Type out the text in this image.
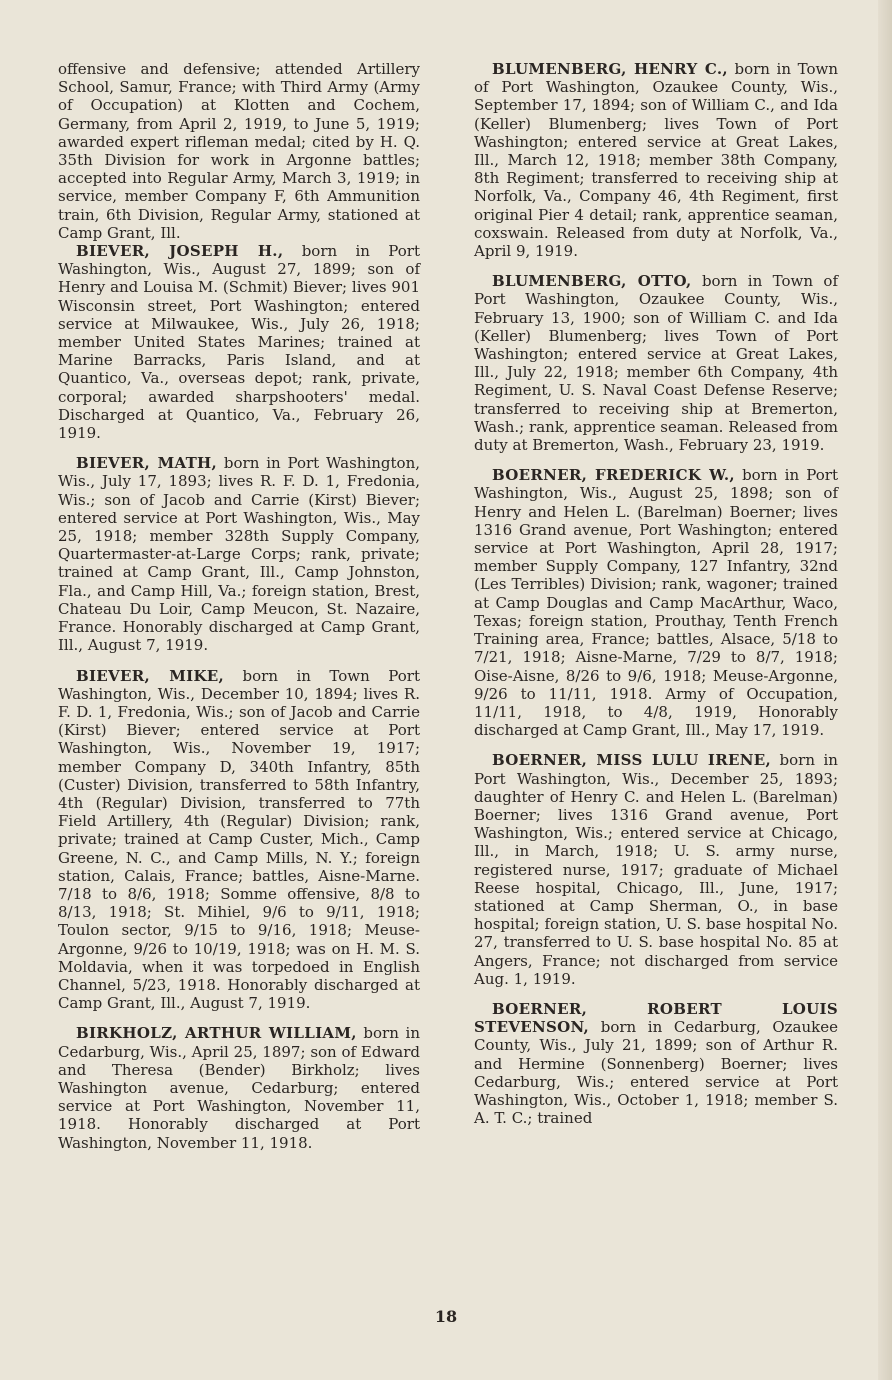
offensive and defensive; attended Artillery School, Samur, France; with Third Army (Army of Occupation) at Klotten and Cochem, Germany, from April 2, 1919, to June 5, 1919; awarded expert rifleman medal; cited by H. Q. 35th Division for work in Argonne battles; accepted into Regular Army, March 3, 1919; in service, member Company F, 6th Ammunition train, 6th Division, Regular Army, stationed at Camp Grant, Ill.

BIEVER, JOSEPH H., born in Port Washington, Wis., August 27, 1899; son of Henry and Louisa M. (Schmit) Biever; lives 901 Wisconsin street, Port Washington; entered service at Milwaukee, Wis., July 26, 1918; member United States Marines; trained at Marine Barracks, Paris Island, and at Quantico, Va., overseas depot; rank, private, corporal; awarded sharpshooters' medal. Discharged at Quantico, Va., February 26, 1919.

BIEVER, MATH, born in Port Washington, Wis., July 17, 1893; lives R. F. D. 1, Fredonia, Wis.; son of Jacob and Carrie (Kirst) Biever; entered service at Port Washington, Wis., May 25, 1918; member 328th Supply Company, Quartermaster-at-Large Corps; rank, private; trained at Camp Grant, Ill., Camp Johnston, Fla., and Camp Hill, Va.; foreign station, Brest, Chateau Du Loir, Camp Meucon, St. Nazaire, France. Honorably discharged at Camp Grant, Ill., August 7, 1919.

BIEVER, MIKE, born in Town Port Washington, Wis., December 10, 1894; lives R. F. D. 1, Fredonia, Wis.; son of Jacob and Carrie (Kirst) Biever; entered service at Port Washington, Wis., November 19, 1917; member Company D, 340th Infantry, 85th (Custer) Division, transferred to 58th Infantry, 4th (Regular) Division, transferred to 77th Field Artillery, 4th (Regular) Division; rank, private; trained at Camp Custer, Mich., Camp Greene, N. C., and Camp Mills, N. Y.; foreign station, Calais, France; battles, Aisne-Marne. 7/18 to 8/6, 1918; Somme offensive, 8/8 to 8/13, 1918; St. Mihiel, 9/6 to 9/11, 1918; Toulon sector, 9/15 to 9/16, 1918; Meuse-Argonne, 9/26 to 10/19, 1918; was on H. M. S. Moldavia, when it was torpedoed in English Channel, 5/23, 1918. Honorably discharged at Camp Grant, Ill., August 7, 1919.

BIRKHOLZ, ARTHUR WILLIAM, born in Cedarburg, Wis., April 25, 1897; son of Edward and Theresa (Bender) Birkholz; lives Washington avenue, Cedarburg; entered service at Port Washington, November 11, 1918. Honorably discharged at Port Washington, November 11, 1918.

BLUMENBERG, HENRY C., born in Town of Port Washington, Ozaukee County, Wis., September 17, 1894; son of William C., and Ida (Keller) Blumenberg; lives Town of Port Washington; entered service at Great Lakes, Ill., March 12, 1918; member 38th Company, 8th Regiment; transferred to receiving ship at Norfolk, Va., Company 46, 4th Regiment, first original Pier 4 detail; rank, apprentice seaman, coxswain. Released from duty at Norfolk, Va., April 9, 1919.

BLUMENBERG, OTTO, born in Town of Port Washington, Ozaukee County, Wis., February 13, 1900; son of William C. and Ida (Keller) Blumenberg; lives Town of Port Washington; entered service at Great Lakes, Ill., July 22, 1918; member 6th Company, 4th Regiment, U. S. Naval Coast Defense Reserve; transferred to receiving ship at Bremerton, Wash.; rank, apprentice seaman. Released from duty at Bremerton, Wash., February 23, 1919.

BOERNER, FREDERICK W., born in Port Washington, Wis., August 25, 1898; son of Henry and Helen L. (Barelman) Boerner; lives 1316 Grand avenue, Port Washington; entered service at Port Washington, April 28, 1917; member Supply Company, 127 Infantry, 32nd (Les Terribles) Division; rank, wagoner; trained at Camp Douglas and Camp MacArthur, Waco, Texas; foreign station, Prouthay, Tenth French Training area, France; battles, Alsace, 5/18 to 7/21, 1918; Aisne-Marne, 7/29 to 8/7, 1918; Oise-Aisne, 8/26 to 9/6, 1918; Meuse-Argonne, 9/26 to 11/11, 1918. Army of Occupation, 11/11, 1918, to 4/8, 1919, Honorably discharged at Camp Grant, Ill., May 17, 1919.

BOERNER, MISS LULU IRENE, born in Port Washington, Wis., December 25, 1893; daughter of Henry C. and Helen L. (Barelman) Boerner; lives 1316 Grand avenue, Port Washington, Wis.; entered service at Chicago, Ill., in March, 1918; U. S. army nurse, registered nurse, 1917; graduate of Michael Reese hospital, Chicago, Ill., June, 1917; stationed at Camp Sherman, O., in base hospital; foreign station, U. S. base hospital No. 27, transferred to U. S. base hospital No. 85 at Angers, France; not discharged from service Aug. 1, 1919.

BOERNER, ROBERT LOUIS STEVENSON, born in Cedarburg, Ozaukee County, Wis., July 21, 1899; son of Arthur R. and Hermine (Sonnenberg) Boerner; lives Cedarburg, Wis.; entered service at Port Washington, Wis., October 1, 1918; member S. A. T. C.; trained

18
